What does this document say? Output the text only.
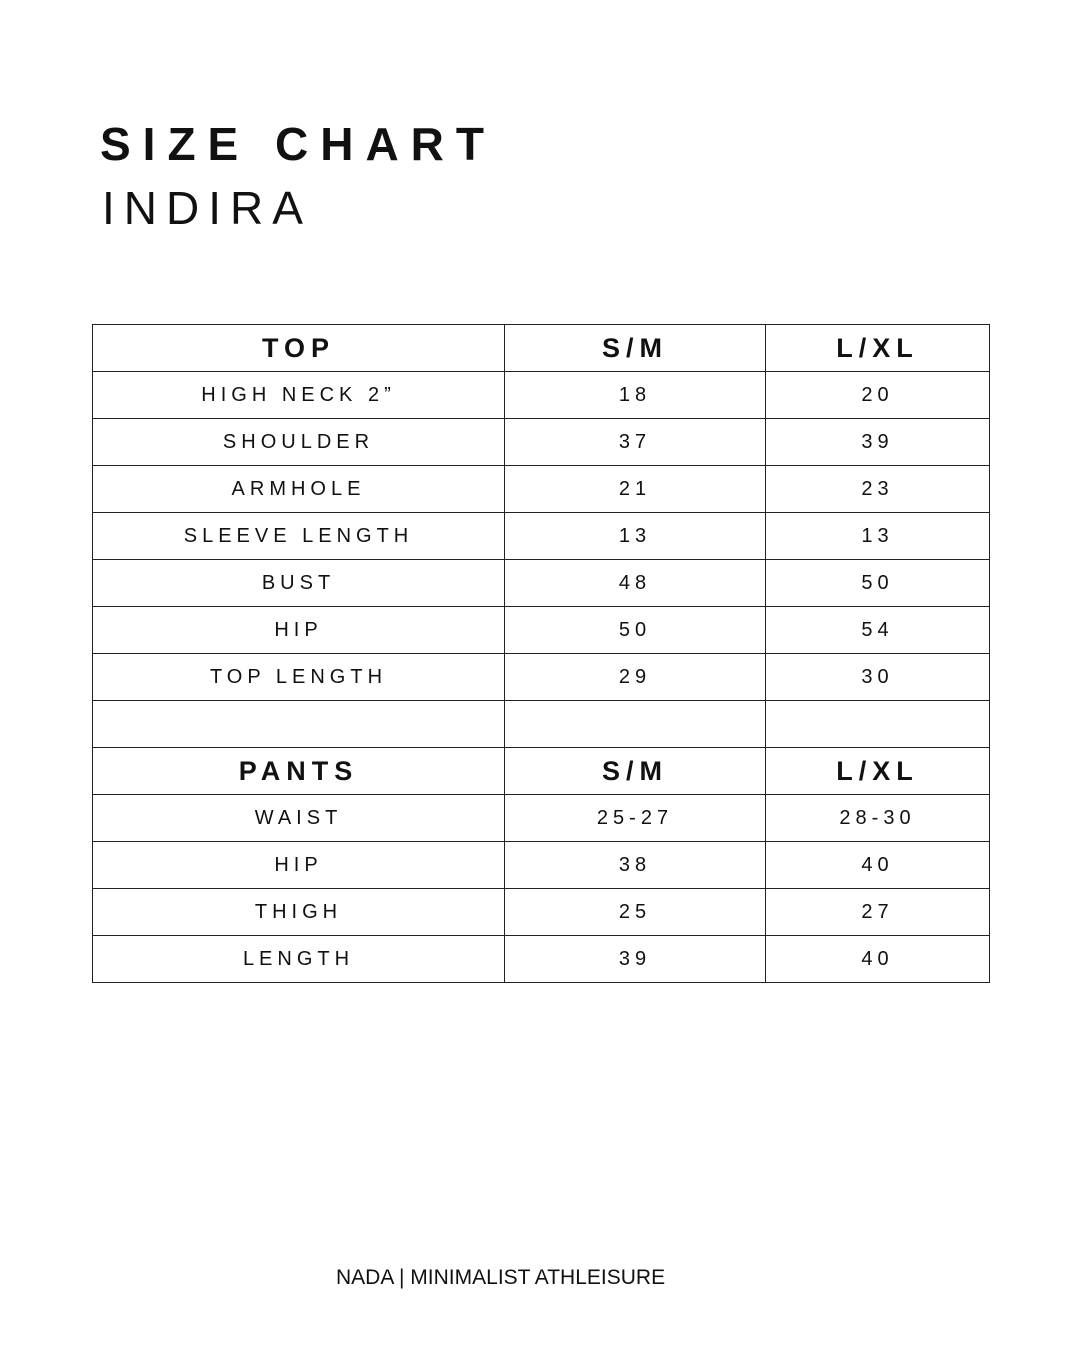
SIZE CHART
INDIRA
TOP	S/M	L/XL
HIGH NECK 2”	18	20
SHOULDER	37	39
ARMHOLE	21	23
SLEEVE LENGTH	13	13
BUST	48	50
HIP	50	54
TOP LENGTH	29	30

PANTS	S/M	L/XL
WAIST	25-27	28-30
HIP	38	40
THIGH	25	27
LENGTH	39	40

NADA | MINIMALIST ATHLEISURE
